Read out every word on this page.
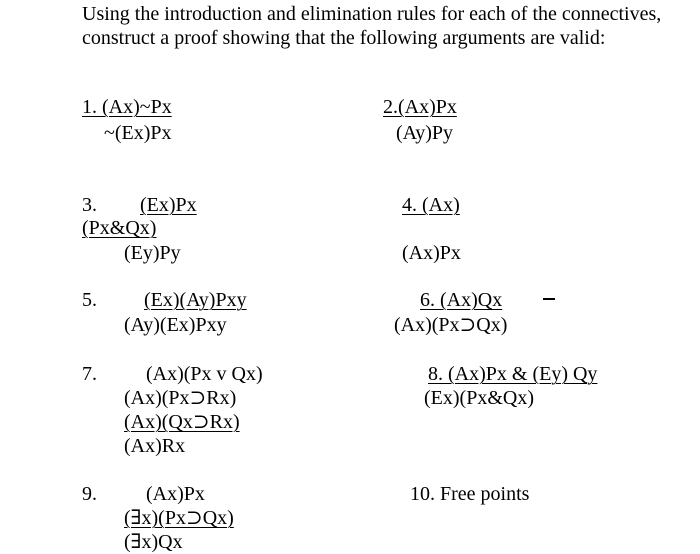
Using the introduction and elimination rules for each of the connectives, construct a proof showing that the following arguments are valid:
1. (Ax)~Px
~(Ex)Px
2.(Ax)Px
(Ay)Py
3. (Ex)Px
(Px&Qx)
(Ey)Py
4. (Ax)
(Ax)Px
5. (Ex)(Ay)Pxy
(Ay)(Ex)Pxy
6. (Ax)Qx
(Ax)(Px⊃Qx)
7. (Ax)(Px v Qx)
(Ax)(Px⊃Rx)
(Ax)(Qx⊃Rx)
(Ax)Rx
8. (Ax)Px & (Ey) Qy
(Ex)(Px&Qx)
9. (Ax)Px
(∃x)(Px⊃Qx)
(∃x)Qx
10. Free points
